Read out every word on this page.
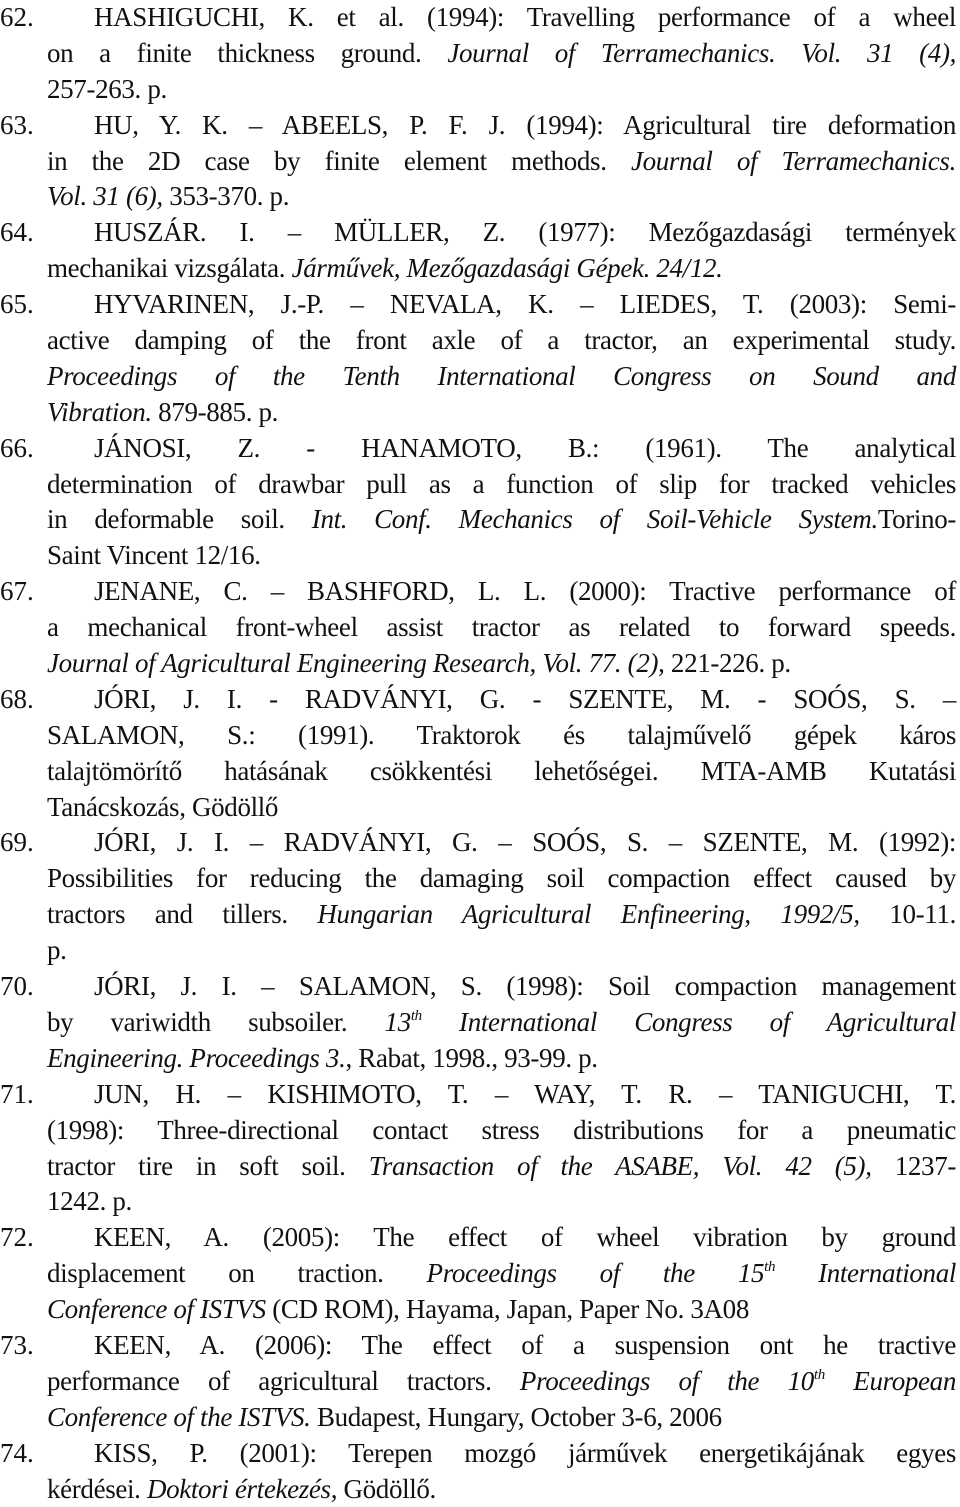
62. HASHIGUCHI, K. et al. (1994): Travelling performance of a wheel
on a finite thickness ground. Journal of Terramechanics. Vol. 31 (4),
257-263. p.
63. HU, Y. K. – ABEELS, P. F. J. (1994): Agricultural tire deformation
in the 2D case by finite element methods. Journal of Terramechanics.
Vol. 31 (6), 353-370. p.
64. HUSZÁR. I. – MÜLLER, Z. (1977): Mezőgazdasági termények
mechanikai vizsgálata. Járművek, Mezőgazdasági Gépek. 24/12.
65. HYVARINEN, J.-P. – NEVALA, K. – LIEDES, T. (2003): Semi-
active damping of the front axle of a tractor, an experimental study.
Proceedings of the Tenth International Congress on Sound and
Vibration. 879-885. p.
66. JÁNOSI, Z. - HANAMOTO, B.: (1961). The analytical
determination of drawbar pull as a function of slip for tracked vehicles
in deformable soil. Int. Conf. Mechanics of Soil-Vehicle System.Torino-
Saint Vincent 12/16.
67. JENANE, C. – BASHFORD, L. L. (2000): Tractive performance of
a mechanical front-wheel assist tractor as related to forward speeds.
Journal of Agricultural Engineering Research, Vol. 77. (2), 221-226. p.
68. JÓRI, J. I. - RADVÁNYI, G. - SZENTE, M. - SOÓS, S. –
SALAMON, S.: (1991). Traktorok és talajművelő gépek káros
talajtömörítő hatásának csökkentési lehetőségei. MTA-AMB Kutatási
Tanácskozás, Gödöllő
69. JÓRI, J. I. – RADVÁNYI, G. – SOÓS, S. – SZENTE, M. (1992):
Possibilities for reducing the damaging soil compaction effect caused by
tractors and tillers. Hungarian Agricultural Enfineering, 1992/5, 10-11.
p.
70. JÓRI, J. I. – SALAMON, S. (1998): Soil compaction management
by variwidth subsoiler. 13th International Congress of Agricultural
Engineering. Proceedings 3., Rabat, 1998., 93-99. p.
71. JUN, H. – KISHIMOTO, T. – WAY, T. R. – TANIGUCHI, T.
(1998): Three-directional contact stress distributions for a pneumatic
tractor tire in soft soil. Transaction of the ASABE, Vol. 42 (5), 1237-
1242. p.
72. KEEN, A. (2005): The effect of wheel vibration by ground
displacement on traction. Proceedings of the 15th International
Conference of ISTVS (CD ROM), Hayama, Japan, Paper No. 3A08
73. KEEN, A. (2006): The effect of a suspension ont he tractive
performance of agricultural tractors. Proceedings of the 10th European
Conference of the ISTVS. Budapest, Hungary, October 3-6, 2006
74. KISS, P. (2001): Terepen mozgó járművek energetikájának egyes
kérdései. Doktori értekezés, Gödöllő.
